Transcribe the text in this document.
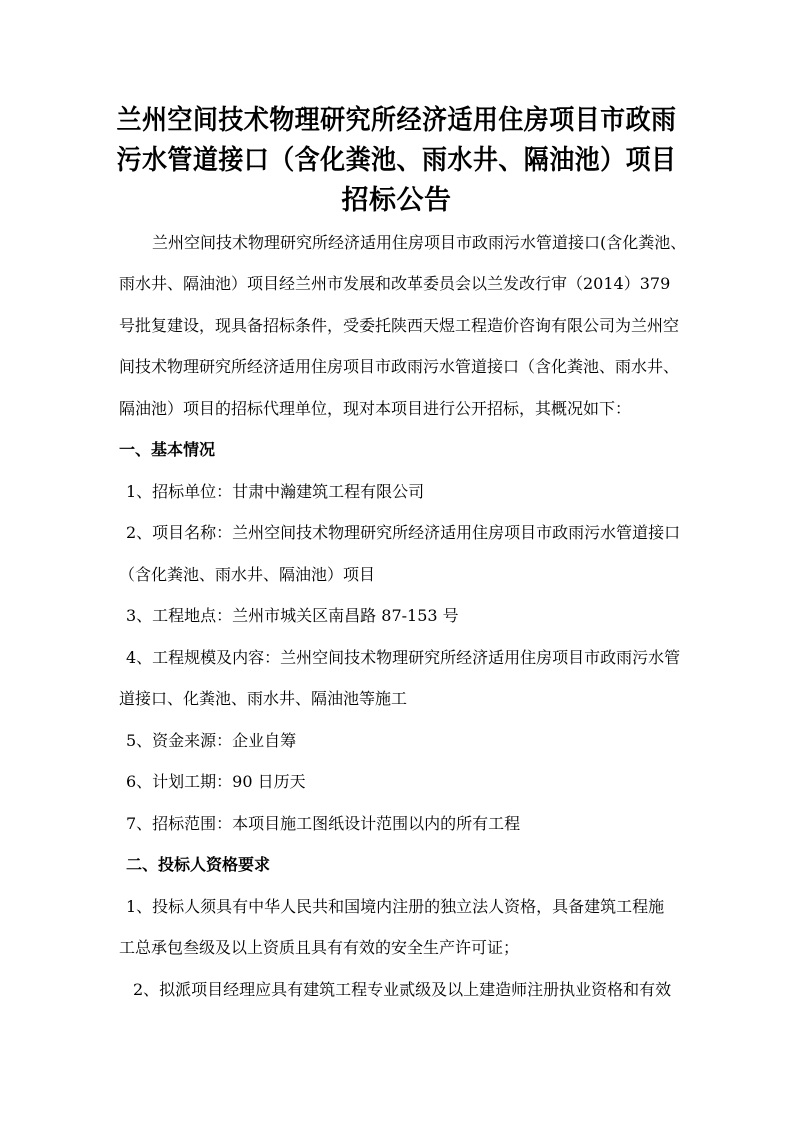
兰州空间技术物理研究所经济适用住房项目市政雨
污水管道接口（含化粪池、雨水井、隔油池）项目
招标公告
兰州空间技术物理研究所经济适用住房项目市政雨污水管道接口(含化粪池、
雨水井、隔油池）项目经兰州市发展和改革委员会以兰发改行审（2014）379
号批复建设，现具备招标条件，受委托陕西天煜工程造价咨询有限公司为兰州空
间技术物理研究所经济适用住房项目市政雨污水管道接口（含化粪池、雨水井、
隔油池）项目的招标代理单位，现对本项目进行公开招标，其概况如下：
一、基本情况
1、招标单位：甘肃中瀚建筑工程有限公司
2、项目名称：兰州空间技术物理研究所经济适用住房项目市政雨污水管道接口
（含化粪池、雨水井、隔油池）项目
3、工程地点：兰州市城关区南昌路 87-153 号
4、工程规模及内容：兰州空间技术物理研究所经济适用住房项目市政雨污水管
道接口、化粪池、雨水井、隔油池等施工
5、资金来源：企业自筹
6、计划工期：90 日历天
7、招标范围：本项目施工图纸设计范围以内的所有工程
二、投标人资格要求
1、投标人须具有中华人民共和国境内注册的独立法人资格，具备建筑工程施
工总承包叁级及以上资质且具有有效的安全生产许可证；
2、拟派项目经理应具有建筑工程专业贰级及以上建造师注册执业资格和有效
